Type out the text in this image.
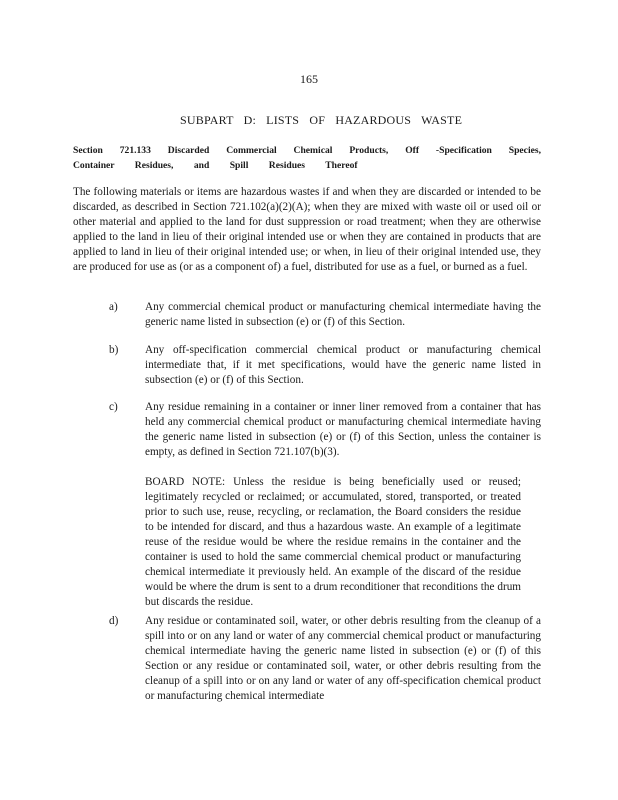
165
SUBPART D: LISTS OF HAZARDOUS WASTE
Section 721.133 Discarded Commercial Chemical Products, Off -Specification Species,
Container Residues, and Spill Residues Thereof

The following materials or items are hazardous wastes if and when they are discarded or intended to be discarded, as described in Section 721.102(a)(2)(A); when they are mixed with waste oil or used oil or other material and applied to the land for dust suppression or road treatment; when they are otherwise applied to the land in lieu of their original intended use or when they are contained in products that are applied to land in lieu of their original intended use; or when, in lieu of their original intended use, they are produced for use as (or as a component of) a fuel, distributed for use as a fuel, or burned as a fuel.

a) Any commercial chemical product or manufacturing chemical intermediate having the generic name listed in subsection (e) or (f) of this Section.
b) Any off-specification commercial chemical product or manufacturing chemical intermediate that, if it met specifications, would have the generic name listed in subsection (e) or (f) of this Section.
c) Any residue remaining in a container or inner liner removed from a container that has held any commercial chemical product or manufacturing chemical intermediate having the generic name listed in subsection (e) or (f) of this Section, unless the container is empty, as defined in Section 721.107(b)(3).
BOARD NOTE: Unless the residue is being beneficially used or reused; legitimately recycled or reclaimed; or accumulated, stored, transported, or treated prior to such use, reuse, recycling, or reclamation, the Board considers the residue to be intended for discard, and thus a hazardous waste. An example of a legitimate reuse of the residue would be where the residue remains in the container and the container is used to hold the same commercial chemical product or manufacturing chemical intermediate it previously held. An example of the discard of the residue would be where the drum is sent to a drum reconditioner that reconditions the drum but discards the residue.
d) Any residue or contaminated soil, water, or other debris resulting from the cleanup of a spill into or on any land or water of any commercial chemical product or manufacturing chemical intermediate having the generic name listed in subsection (e) or (f) of this Section or any residue or contaminated soil, water, or other debris resulting from the cleanup of a spill into or on any land or water of any off-specification chemical product or manufacturing chemical intermediate
